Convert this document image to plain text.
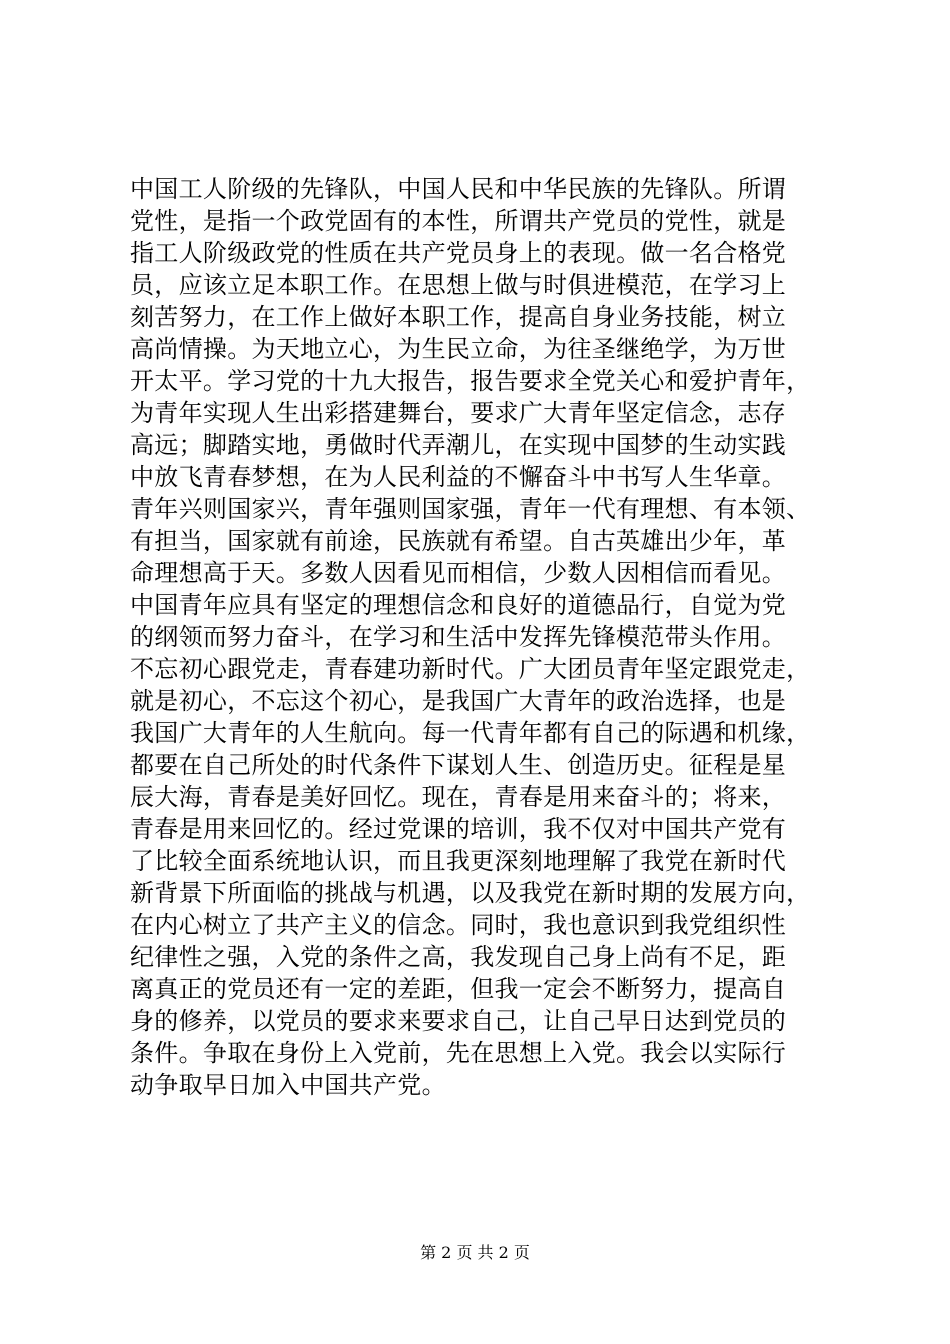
中国工人阶级的先锋队，中国人民和中华民族的先锋队。所谓
党性，是指一个政党固有的本性，所谓共产党员的党性，就是
指工人阶级政党的性质在共产党员身上的表现。做一名合格党
员，应该立足本职工作。在思想上做与时俱进模范，在学习上
刻苦努力，在工作上做好本职工作，提高自身业务技能，树立
高尚情操。为天地立心，为生民立命，为往圣继绝学，为万世
开太平。学习党的十九大报告，报告要求全党关心和爱护青年，
为青年实现人生出彩搭建舞台，要求广大青年坚定信念，志存
高远；脚踏实地，勇做时代弄潮儿，在实现中国梦的生动实践
中放飞青春梦想，在为人民利益的不懈奋斗中书写人生华章。
青年兴则国家兴，青年强则国家强，青年一代有理想、有本领、
有担当，国家就有前途，民族就有希望。自古英雄出少年，革
命理想高于天。多数人因看见而相信，少数人因相信而看见。
中国青年应具有坚定的理想信念和良好的道德品行，自觉为党
的纲领而努力奋斗，在学习和生活中发挥先锋模范带头作用。
不忘初心跟党走，青春建功新时代。广大团员青年坚定跟党走，
就是初心，不忘这个初心，是我国广大青年的政治选择，也是
我国广大青年的人生航向。每一代青年都有自己的际遇和机缘，
都要在自己所处的时代条件下谋划人生、创造历史。征程是星
辰大海，青春是美好回忆。现在，青春是用来奋斗的；将来，
青春是用来回忆的。经过党课的培训，我不仅对中国共产党有
了比较全面系统地认识，而且我更深刻地理解了我党在新时代
新背景下所面临的挑战与机遇，以及我党在新时期的发展方向，
在内心树立了共产主义的信念。同时，我也意识到我党组织性
纪律性之强，入党的条件之高，我发现自己身上尚有不足，距
离真正的党员还有一定的差距，但我一定会不断努力，提高自
身的修养，以党员的要求来要求自己，让自己早日达到党员的
条件。争取在身份上入党前，先在思想上入党。我会以实际行
动争取早日加入中国共产党。
第 2 页 共 2 页
